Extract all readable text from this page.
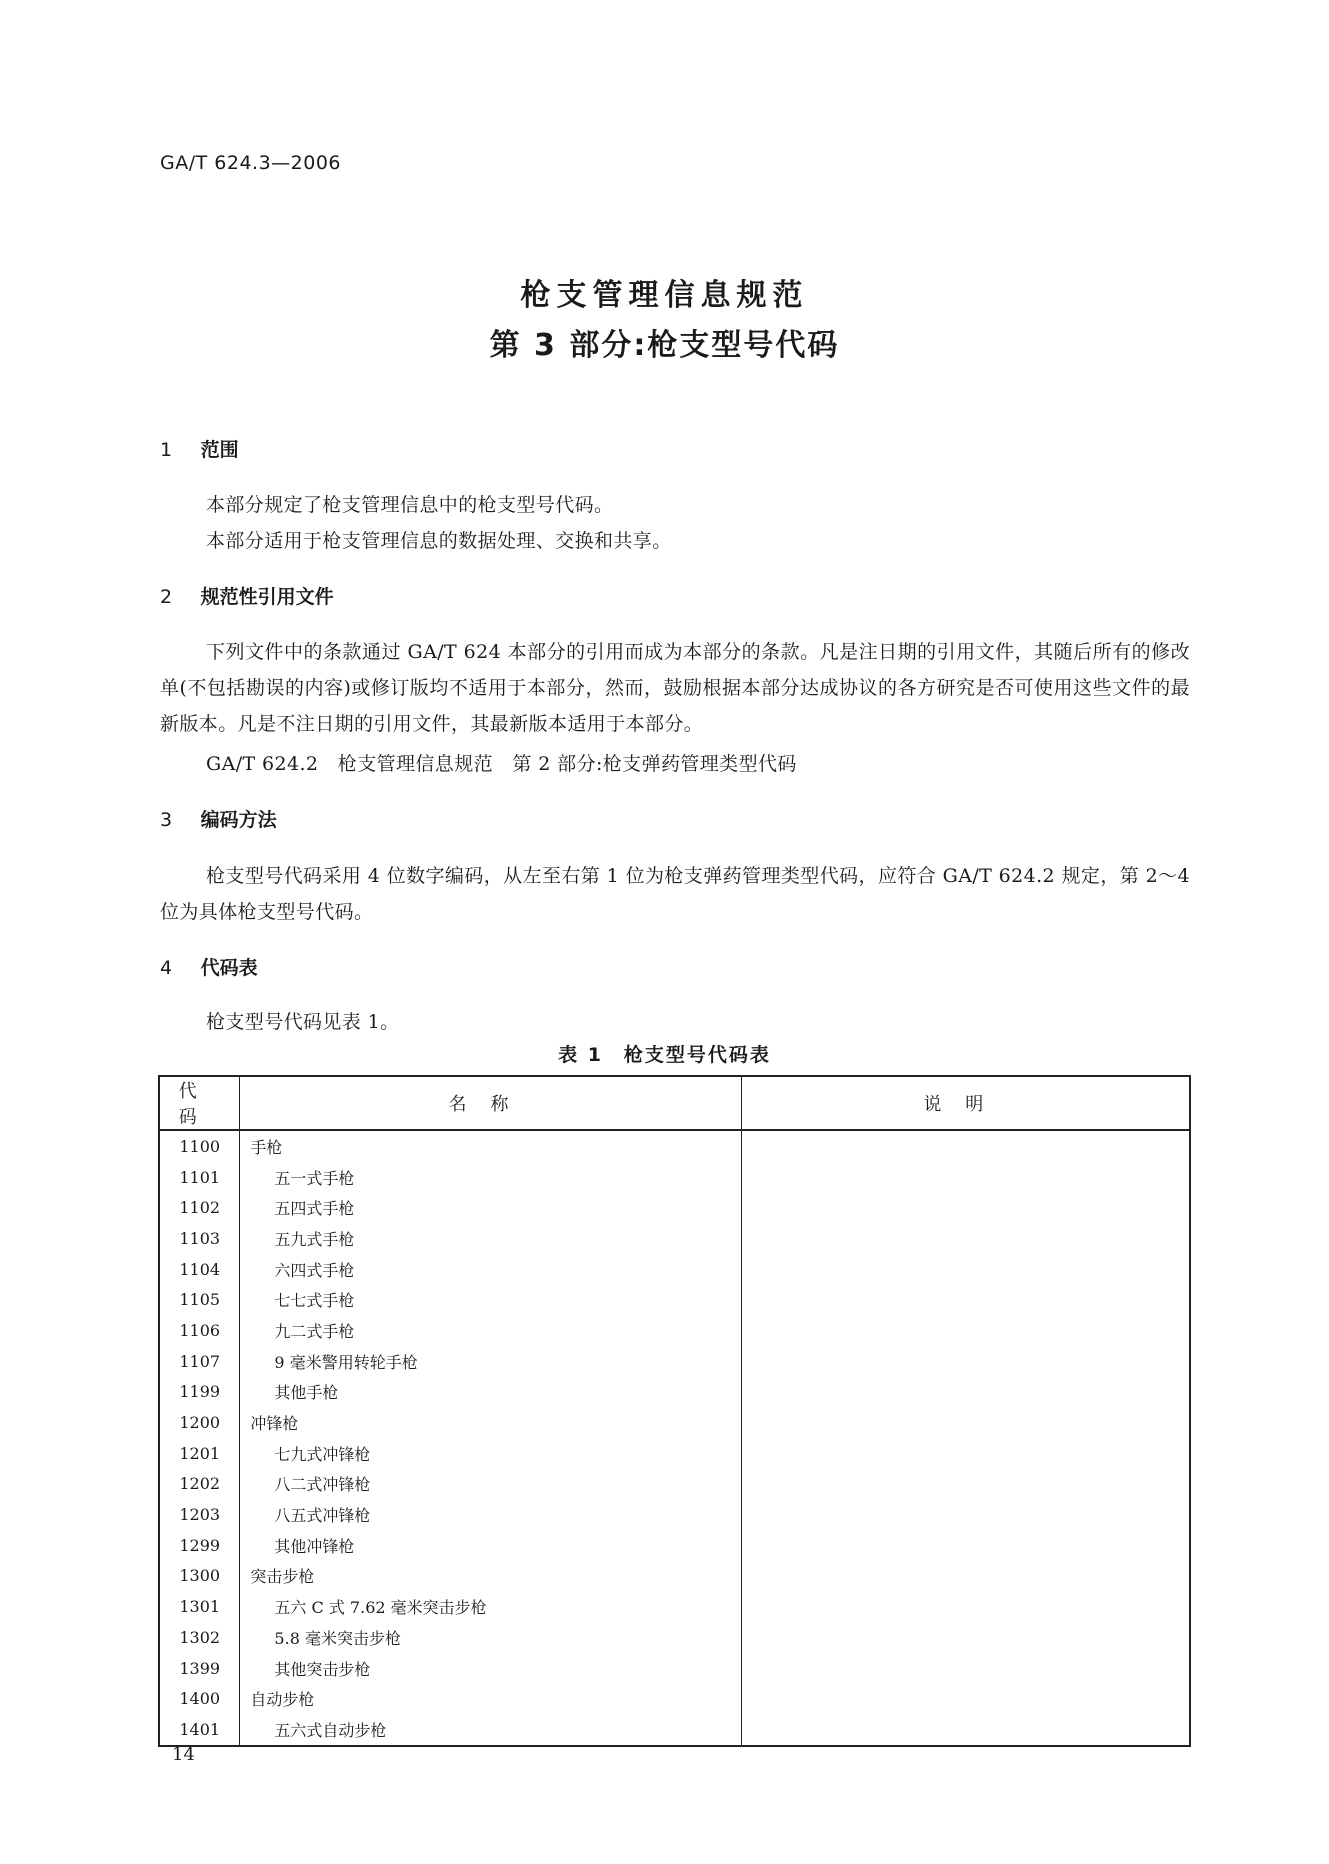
GA/T 624.3—2006
枪支管理信息规范
第 3 部分:枪支型号代码
1 范围
本部分规定了枪支管理信息中的枪支型号代码。
本部分适用于枪支管理信息的数据处理、交换和共享。
2 规范性引用文件
下列文件中的条款通过 GA/T 624 本部分的引用而成为本部分的条款。凡是注日期的引用文件，其随后所有的修改单(不包括勘误的内容)或修订版均不适用于本部分，然而，鼓励根据本部分达成协议的各方研究是否可使用这些文件的最新版本。凡是不注日期的引用文件，其最新版本适用于本部分。
GA/T 624.2　枪支管理信息规范　第 2 部分:枪支弹药管理类型代码
3 编码方法
枪支型号代码采用 4 位数字编码，从左至右第 1 位为枪支弹药管理类型代码，应符合 GA/T 624.2 规定，第 2～4 位为具体枪支型号代码。
4 代码表
枪支型号代码见表 1。
表 1　枪支型号代码表
代码	名称	说明
1100	手枪	
1101	五一式手枪	
1102	五四式手枪	
1103	五九式手枪	
1104	六四式手枪	
1105	七七式手枪	
1106	九二式手枪	
1107	9 毫米警用转轮手枪	
1199	其他手枪	
1200	冲锋枪	
1201	七九式冲锋枪	
1202	八二式冲锋枪	
1203	八五式冲锋枪	
1299	其他冲锋枪	
1300	突击步枪	
1301	五六 C 式 7.62 毫米突击步枪	
1302	5.8 毫米突击步枪	
1399	其他突击步枪	
1400	自动步枪	
1401	五六式自动步枪	
14
